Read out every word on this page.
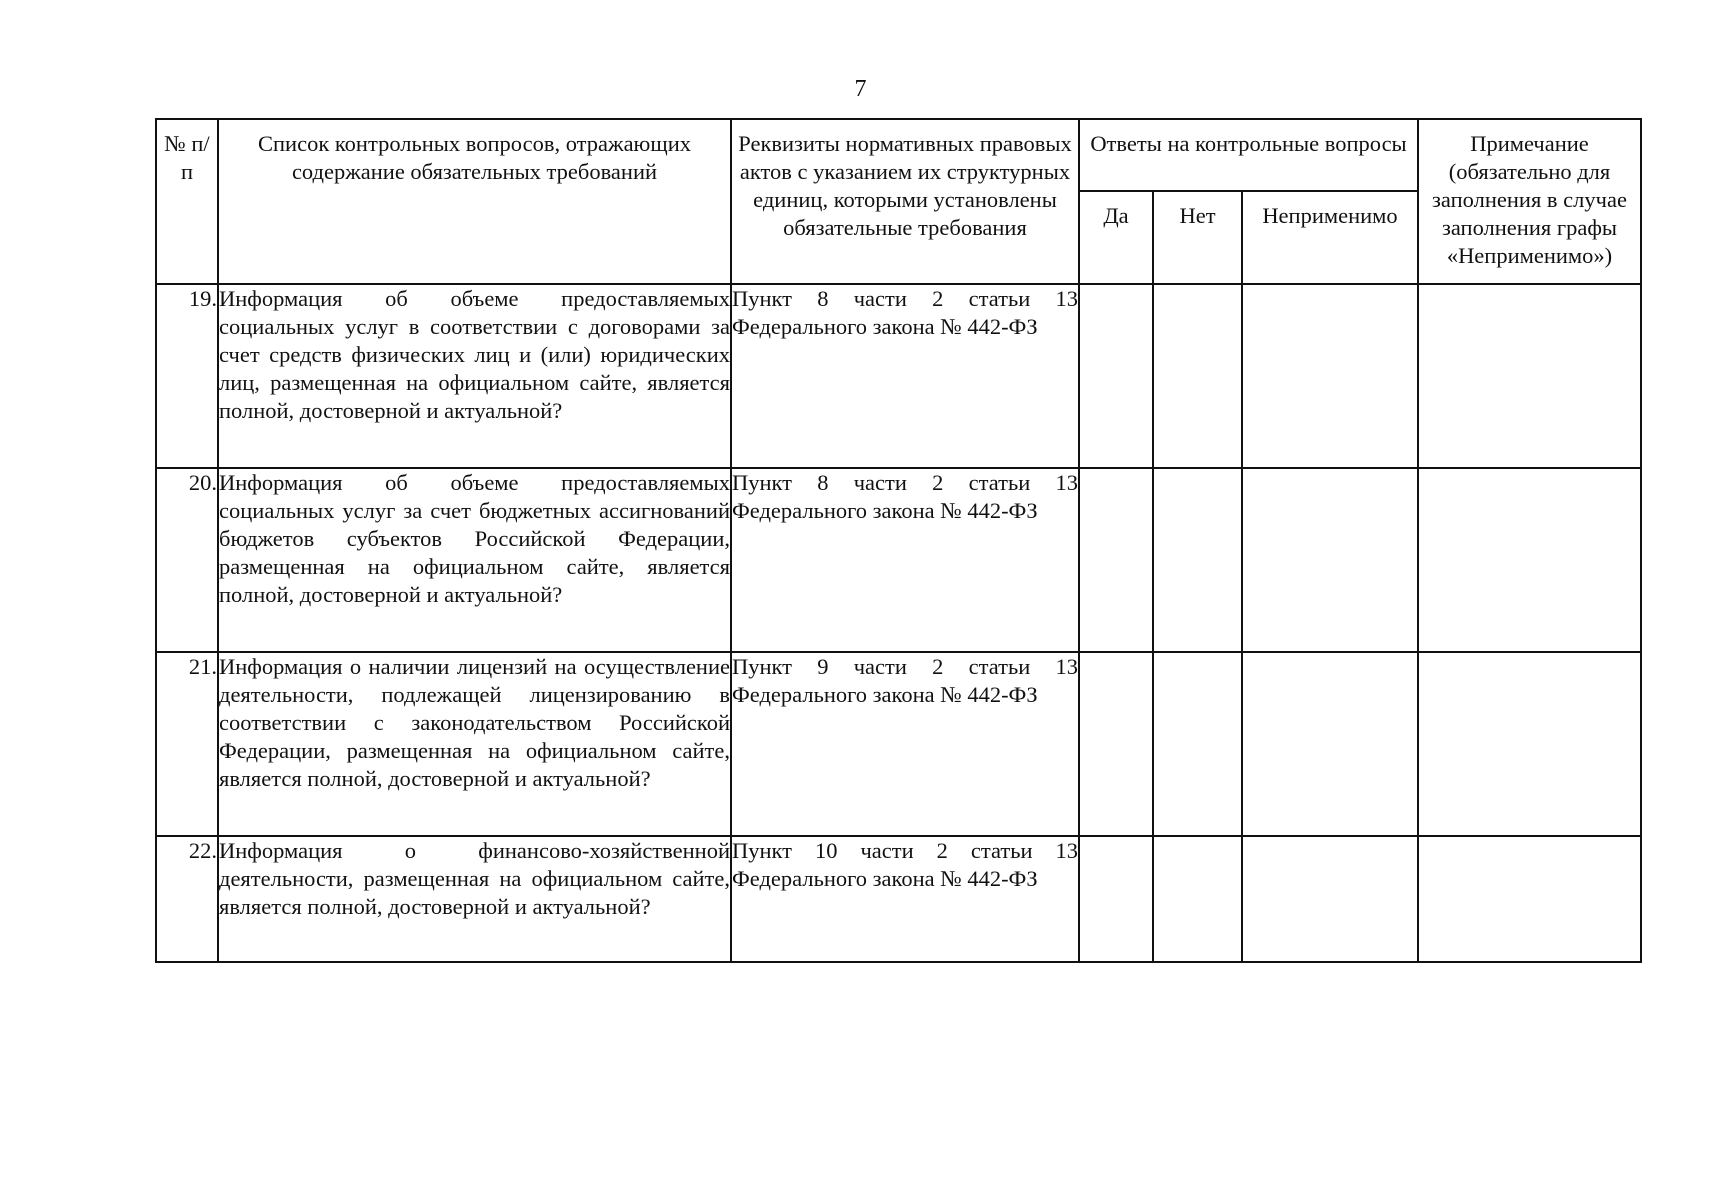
7
№ п/п	Список контрольных вопросов, отражающих содержание обязательных требований	Реквизиты нормативных правовых актов с указанием их структурных единиц, которыми установлены обязательные требования	Ответы на контрольные вопросы			Примечание (обязательно для заполнения в случае заполнения графы «Неприменимо»)
			Да	Нет	Неприменимо	
19.	Информация об объеме предоставляемых социальных услуг в соответствии с договорами за счет средств физических лиц и (или) юридических лиц, размещенная на официальном сайте, является полной, достоверной и актуальной?	Пункт 8 части 2 статьи 13 Федерального закона № 442-ФЗ				
20.	Информация об объеме предоставляемых социальных услуг за счет бюджетных ассигнований бюджетов субъектов Российской Федерации, размещенная на официальном сайте, является полной, достоверной и актуальной?	Пункт 8 части 2 статьи 13 Федерального закона № 442-ФЗ				
21.	Информация о наличии лицензий на осуществление деятельности, подлежащей лицензированию в соответствии с законодательством Российской Федерации, размещенная на официальном сайте, является полной, достоверной и актуальной?	Пункт 9 части 2 статьи 13 Федерального закона № 442-ФЗ				
22.	Информация о финансово-хозяйственной деятельности, размещенная на официальном сайте, является полной, достоверной и актуальной?	Пункт 10 части 2 статьи 13 Федерального закона № 442-ФЗ				
